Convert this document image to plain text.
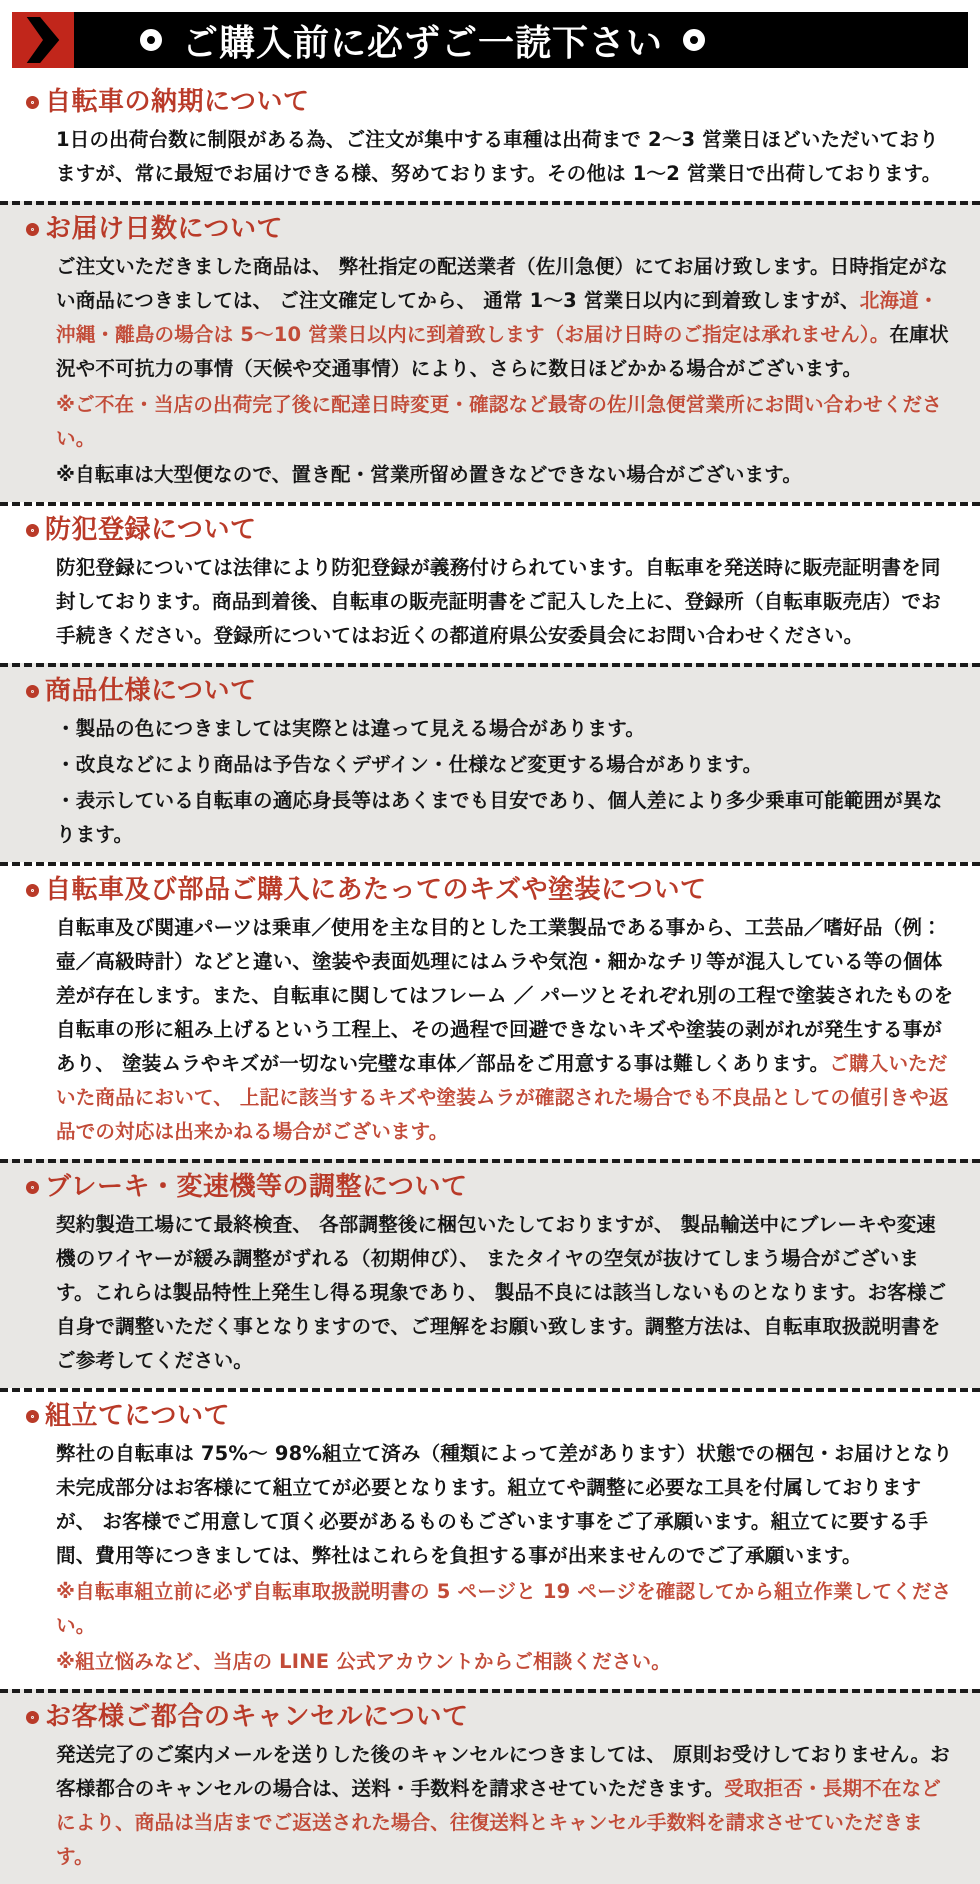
ご購入前に必ずご一読下さい
自転車の納期について

1日の出荷台数に制限がある為、ご注文が集中する車種は出荷まで 2〜3 営業日ほどいただいておりますが、常に最短でお届けできる様、努めております。その他は 1〜2 営業日で出荷しております。

お届け日数について

ご注文いただきました商品は、 弊社指定の配送業者（佐川急便）にてお届け致します。日時指定がない商品につきましては、 ご注文確定してから、 通常 1〜3 営業日以内に到着致しますが、北海道・沖縄・離島の場合は 5〜10 営業日以内に到着致します（お届け日時のご指定は承れません）。在庫状況や不可抗力の事情（天候や交通事情）により、さらに数日ほどかかる場合がございます。

※ご不在・当店の出荷完了後に配達日時変更・確認など最寄の佐川急便営業所にお問い合わせください。

※自転車は大型便なので、置き配・営業所留め置きなどできない場合がございます。

防犯登録について

防犯登録については法律により防犯登録が義務付けられています。自転車を発送時に販売証明書を同封しております。商品到着後、自転車の販売証明書をご記入した上に、登録所（自転車販売店）でお手続きください。登録所についてはお近くの都道府県公安委員会にお問い合わせください。

商品仕様について

・製品の色につきましては実際とは違って見える場合があります。

・改良などにより商品は予告なくデザイン・仕様など変更する場合があります。

・表示している自転車の適応身長等はあくまでも目安であり、個人差により多少乗車可能範囲が異なります。

自転車及び部品ご購入にあたってのキズや塗装について

自転車及び関連パーツは乗車／使用を主な目的とした工業製品である事から、工芸品／嗜好品（例：壺／高級時計）などと違い、塗装や表面処理にはムラや気泡・細かなチリ等が混入している等の個体差が存在します。また、自転車に関してはフレーム ／ パーツとそれぞれ別の工程で塗装されたものを自転車の形に組み上げるという工程上、その過程で回避できないキズや塗装の剥がれが発生する事があり、 塗装ムラやキズが一切ない完璧な車体／部品をご用意する事は難しくあります。ご購入いただいた商品において、 上記に該当するキズや塗装ムラが確認された場合でも不良品としての値引きや返品での対応は出来かねる場合がございます。

ブレーキ・変速機等の調整について

契約製造工場にて最終検査、 各部調整後に梱包いたしておりますが、 製品輸送中にブレーキや変速機のワイヤーが緩み調整がずれる（初期伸び）、 またタイヤの空気が抜けてしまう場合がございます。これらは製品特性上発生し得る現象であり、 製品不良には該当しないものとなります。お客様ご自身で調整いただく事となりますので、ご理解をお願い致します。調整方法は、自転車取扱説明書をご参考してください。

組立てについて

弊社の自転車は 75%〜 98%組立て済み（種類によって差があります）状態での梱包・お届けとなり未完成部分はお客様にて組立てが必要となります。組立てや調整に必要な工具を付属しておりますが、 お客様でご用意して頂く必要があるものもございます事をご了承願います。組立てに要する手間、費用等につきましては、弊社はこれらを負担する事が出来ませんのでご了承願います。

※自転車組立前に必ず自転車取扱説明書の 5 ページと 19 ページを確認してから組立作業してください。

※組立悩みなど、当店の LINE 公式アカウントからご相談ください。

お客様ご都合のキャンセルについて

発送完了のご案内メールを送りした後のキャンセルにつきましては、 原則お受けしておりません。お客様都合のキャンセルの場合は、送料・手数料を請求させていただきます。受取拒否・長期不在などにより、商品は当店までご返送された場合、往復送料とキャンセル手数料を請求させていただきます。
